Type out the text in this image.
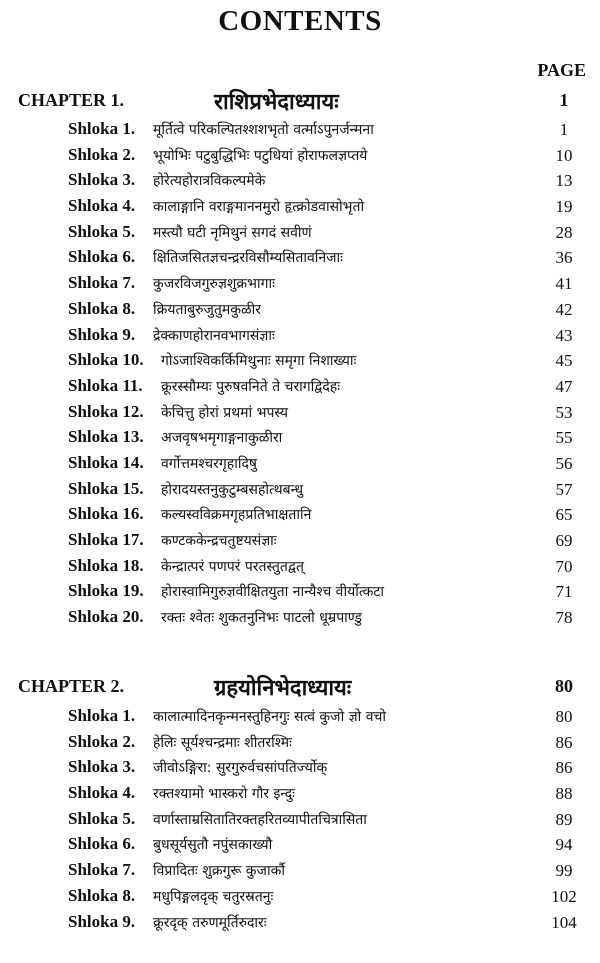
CONTENTS
PAGE
CHAPTER 1.	राशिप्रभेदाध्यायः	1
Shloka 1. मूर्तित्वे परिकल्पितश्शशभृतो वर्त्माऽपुनर्जन्मना	1
Shloka 2. भूयोभिः पटुबुद्धिभिः पटुधियां होराफलज्ञप्तये	10
Shloka 3. होरेत्यहोरात्रविकल्पमेके	13
Shloka 4. कालाङ्गानि वराङ्गमाननमुरो हृत्क्रोडवासोभृतो	19
Shloka 5. मस्त्यौ घटी नृमिथुनं सगदं सवीणं	28
Shloka 6. क्षितिजसितज्ञचन्द्ररविसौम्यसितावनिजाः	36
Shloka 7. कुजरविजगुरुज्ञशुक्रभागाः	41
Shloka 8. क्रियताबुरुजुतुमकुळीर	42
Shloka 9. द्रेक्काणहोरानवभागसंज्ञाः	43
Shloka 10. गोऽजाश्विकर्किमिथुनाः समृगा निशाख्याः	45
Shloka 11. क्रूरस्सौम्यः पुरुषवनिते ते चरागद्विदेहः	47
Shloka 12. केचित्तु होरां प्रथमां भपस्य	53
Shloka 13. अजवृषभमृगाङ्गनाकुळीरा	55
Shloka 14. वर्गोत्तमश्चरगृहादिषु	56
Shloka 15. होरादयस्तनुकुटुम्बसहोत्थबन्धु	57
Shloka 16. कल्यस्वविक्रमगृहप्रतिभाक्षतानि	65
Shloka 17. कण्टककेन्द्रचतुष्टयसंज्ञाः	69
Shloka 18. केन्द्रात्परं पणपरं परतस्तुतद्वत्	70
Shloka 19. होरास्वामिगुरुज्ञवीक्षितयुता नान्यैश्च वीर्योत्कटा	71
Shloka 20. रक्तः श्वेतः शुकतनुनिभः पाटलो धूम्रपाण्डु	78
CHAPTER 2.	ग्रहयोनिभेदाध्यायः	80
Shloka 1. कालात्मादिनकृन्मनस्तुहिनगुः सत्वं कुजो ज्ञो वचो	80
Shloka 2. हेलिः सूर्यश्चन्द्रमाः शीतरश्मिः	86
Shloka 3. जीवोऽङ्गिरा: सुरगुरुर्वचसांपतिर्ज्योक्	86
Shloka 4. रक्तश्यामो भास्करो गौर इन्दुः	88
Shloka 5. वर्णास्ताम्रसितातिरक्तहरितव्यापीतचित्रासिता	89
Shloka 6. बुधसूर्यसुतौ नपुंसकाख्यौ	94
Shloka 7. विप्रादितः शुक्रगुरू कुजार्कौ	99
Shloka 8. मधुपिङ्गलदृक् चतुरस्रतनुः	102
Shloka 9. क्रूरदृक् तरुणमूर्तिरुदारः	104
